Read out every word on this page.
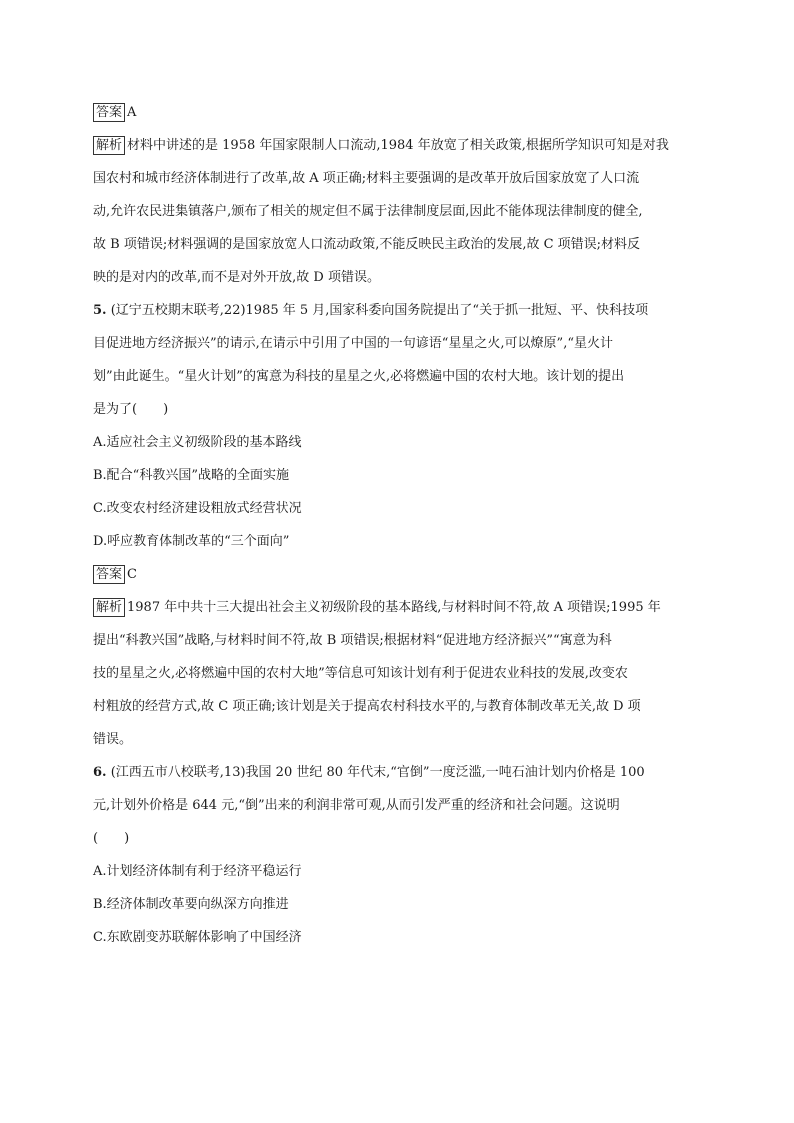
答案 A

解析 材料中讲述的是 1958 年国家限制人口流动,1984 年放宽了相关政策,根据所学知识可知是对我

国农村和城市经济体制进行了改革,故 A 项正确;材料主要强调的是改革开放后国家放宽了人口流

动,允许农民进集镇落户,颁布了相关的规定但不属于法律制度层面,因此不能体现法律制度的健全,

故 B 项错误;材料强调的是国家放宽人口流动政策,不能反映民主政治的发展,故 C 项错误;材料反

映的是对内的改革,而不是对外开放,故 D 项错误。

5. (辽宁五校期末联考,22)1985 年 5 月,国家科委向国务院提出了“关于抓一批短、平、快科技项

目促进地方经济振兴”的请示,在请示中引用了中国的一句谚语“星星之火,可以燎原”,“星火计

划”由此诞生。“星火计划”的寓意为科技的星星之火,必将燃遍中国的农村大地。该计划的提出

是为了(　　)

A.适应社会主义初级阶段的基本路线

B.配合“科教兴国”战略的全面实施

C.改变农村经济建设粗放式经营状况

D.呼应教育体制改革的“三个面向”

答案 C

解析 1987 年中共十三大提出社会主义初级阶段的基本路线,与材料时间不符,故 A 项错误;1995 年

提出“科教兴国”战略,与材料时间不符,故 B 项错误;根据材料“促进地方经济振兴”“寓意为科

技的星星之火,必将燃遍中国的农村大地”等信息可知该计划有利于促进农业科技的发展,改变农

村粗放的经营方式,故 C 项正确;该计划是关于提高农村科技水平的,与教育体制改革无关,故 D 项

错误。

6. (江西五市八校联考,13)我国 20 世纪 80 年代末,“官倒”一度泛滥,一吨石油计划内价格是 100

元,计划外价格是 644 元,“倒”出来的利润非常可观,从而引发严重的经济和社会问题。这说明

(　　)

A.计划经济体制有利于经济平稳运行

B.经济体制改革要向纵深方向推进

C.东欧剧变苏联解体影响了中国经济
